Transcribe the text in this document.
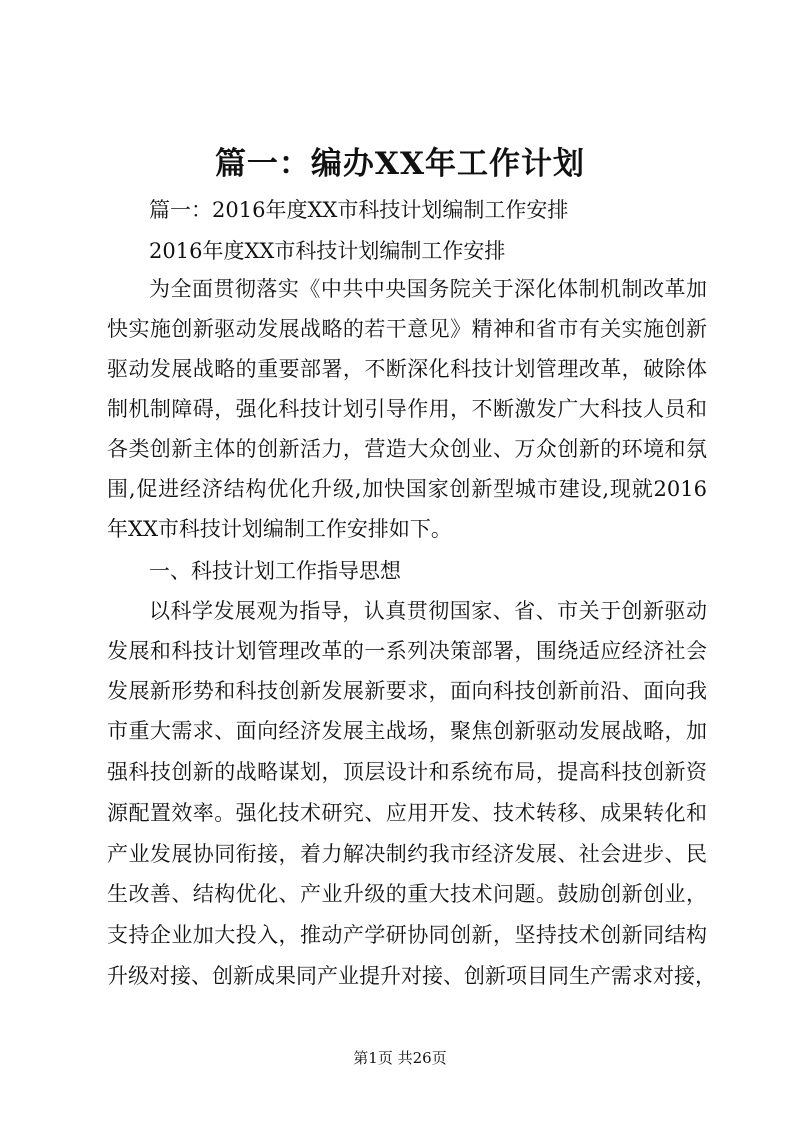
篇一：编办XX年工作计划
篇一：2016年度XX市科技计划编制工作安排
2016年度XX市科技计划编制工作安排
为全面贯彻落实《中共中央国务院关于深化体制机制改革加
快实施创新驱动发展战略的若干意见》精神和省市有关实施创新
驱动发展战略的重要部署，不断深化科技计划管理改革，破除体
制机制障碍，强化科技计划引导作用，不断激发广大科技人员和
各类创新主体的创新活力，营造大众创业、万众创新的环境和氛
围,促进经济结构优化升级,加快国家创新型城市建设,现就2016
年XX市科技计划编制工作安排如下。
一、科技计划工作指导思想
以科学发展观为指导，认真贯彻国家、省、市关于创新驱动
发展和科技计划管理改革的一系列决策部署，围绕适应经济社会
发展新形势和科技创新发展新要求，面向科技创新前沿、面向我
市重大需求、面向经济发展主战场，聚焦创新驱动发展战略，加
强科技创新的战略谋划，顶层设计和系统布局，提高科技创新资
源配置效率。强化技术研究、应用开发、技术转移、成果转化和
产业发展协同衔接，着力解决制约我市经济发展、社会进步、民
生改善、结构优化、产业升级的重大技术问题。鼓励创新创业，
支持企业加大投入，推动产学研协同创新，坚持技术创新同结构
升级对接、创新成果同产业提升对接、创新项目同生产需求对接，
第1页 共26页
